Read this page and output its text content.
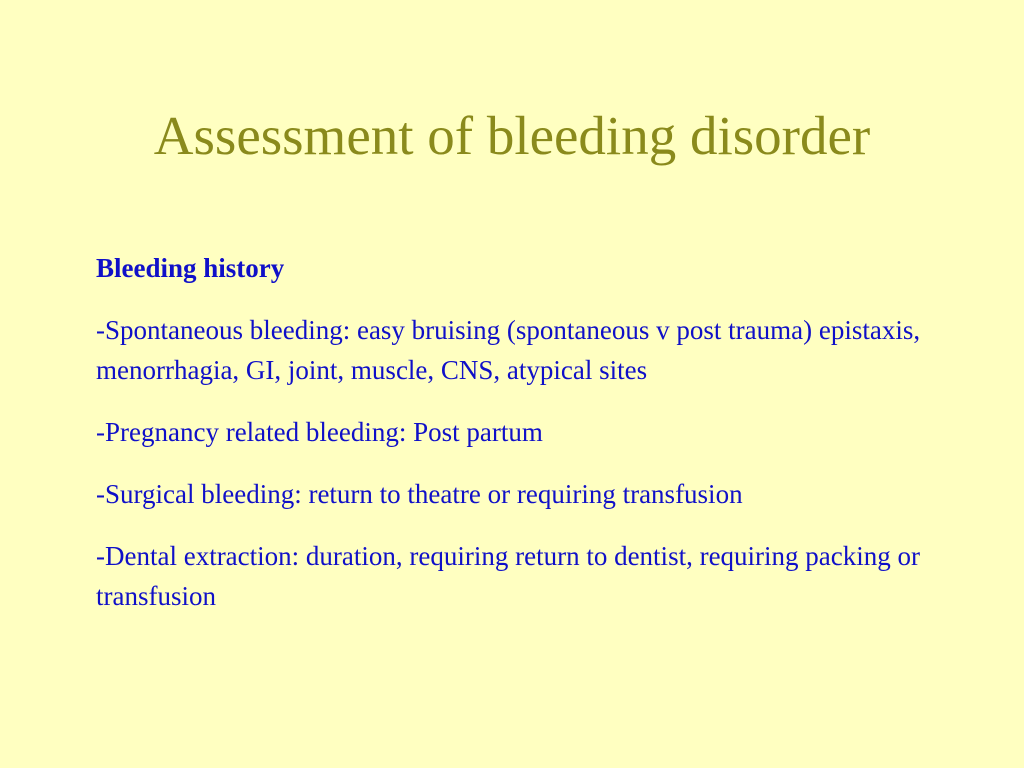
Assessment of bleeding disorder

Bleeding history

-Spontaneous bleeding: easy bruising (spontaneous v post trauma) epistaxis, menorrhagia, GI, joint, muscle, CNS, atypical sites

-Pregnancy related bleeding: Post partum

-Surgical bleeding: return to theatre or requiring transfusion

-Dental extraction: duration, requiring return to dentist, requiring packing or transfusion
